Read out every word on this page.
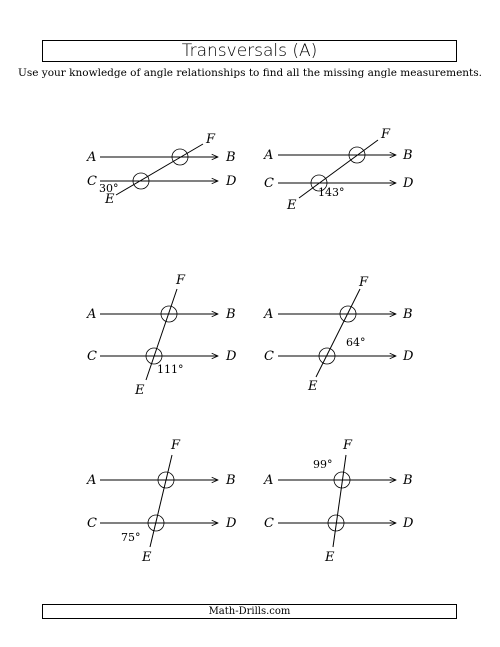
Transversals (A)
Use your knowledge of angle relationships to find all the missing angle measurements.
A	B
C	D
E
F
30°
A	B
C	D
E
F
143°
A	B
C	D
E
F
111°
A	B
C	D
E
F
64°
A	B
C	D
E
F
75°
A	B
C	D
E
F
99°
Math-Drills.com
